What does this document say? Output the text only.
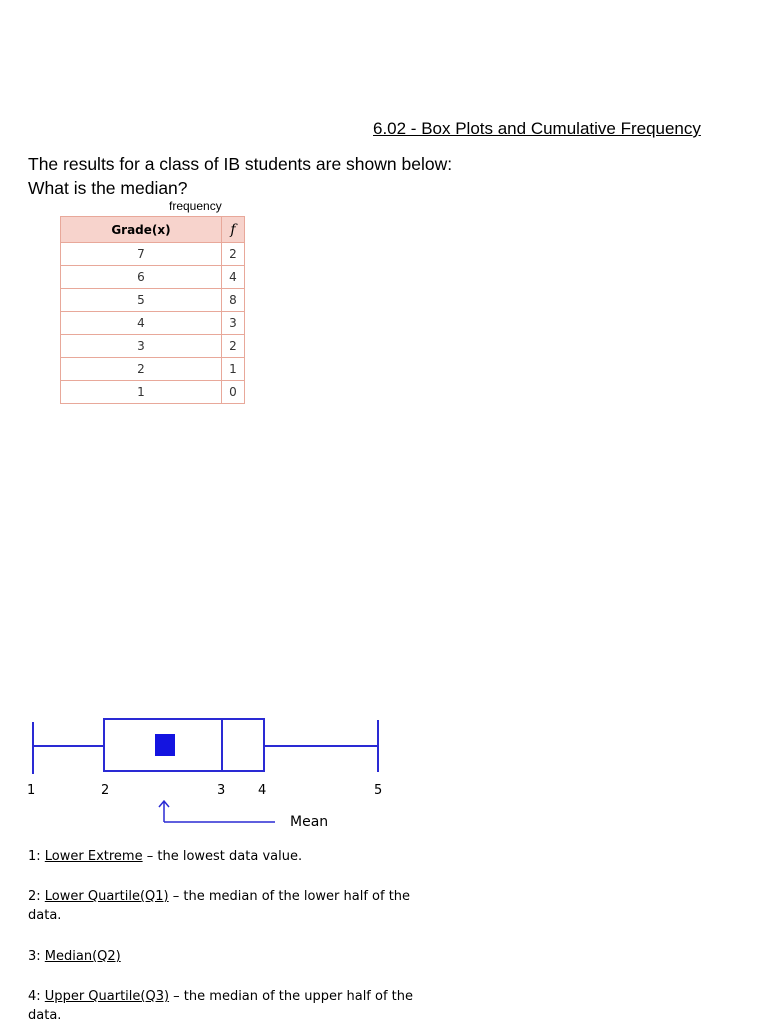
6.02 - Box Plots and Cumulative Frequency
The results for a class of IB students are shown below:
What is the median?
frequency
Grade(x)	f
7	2
6	4
5	8
4	3
3	2
2	1
1	0
1	2	3	4	5
Mean
1: Lower Extreme – the lowest data value.
2: Lower Quartile(Q1) – the median of the lower half of the data.
3: Median(Q2)
4: Upper Quartile(Q3) – the median of the upper half of the data.
